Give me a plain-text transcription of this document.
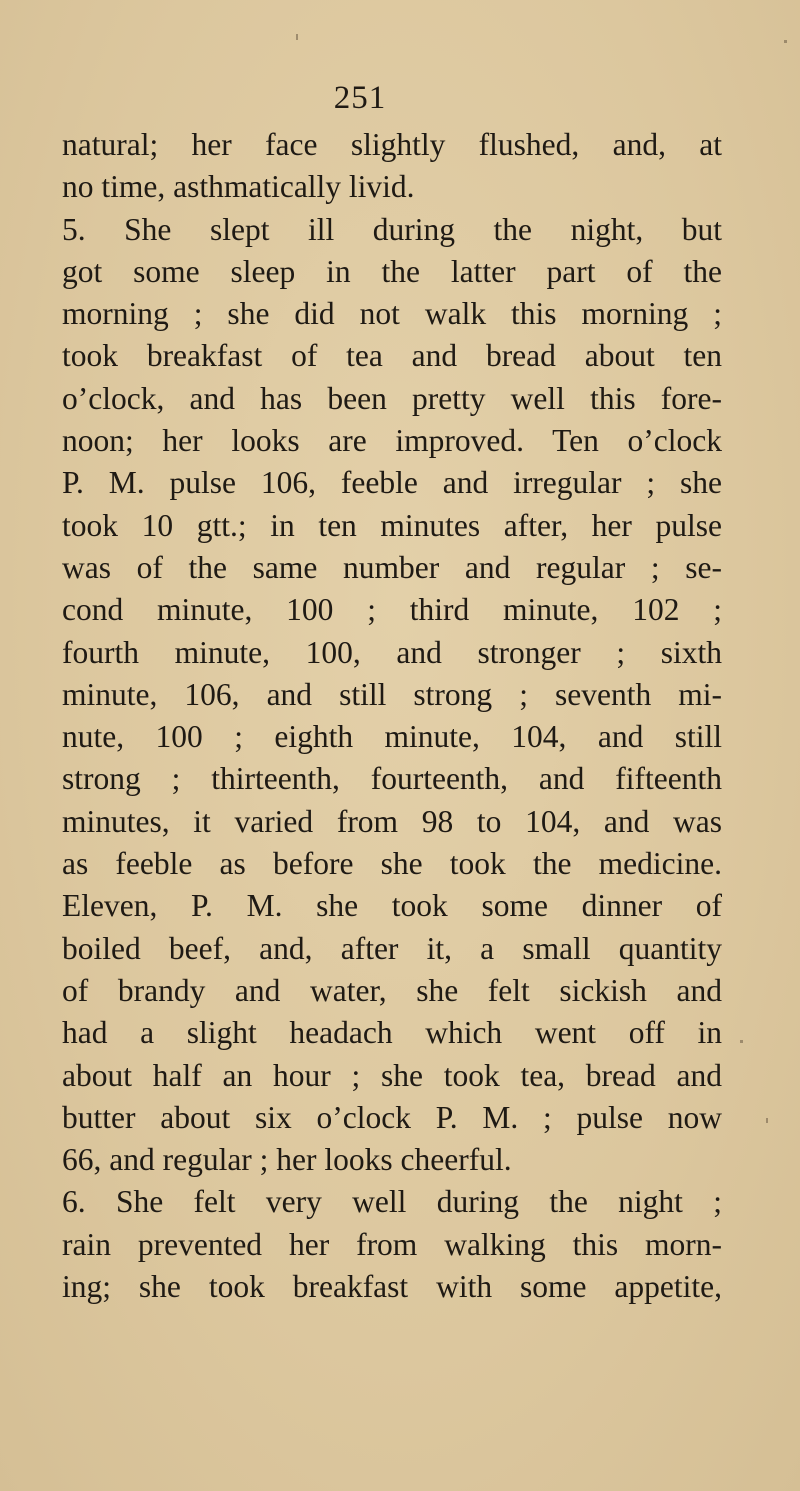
251
natural; her face slightly flushed, and, at
no time, asthmatically livid.
5. She slept ill during the night, but
got some sleep in the latter part of the
morning ; she did not walk this morning ;
took breakfast of tea and bread about ten
o’clock, and has been pretty well this fore-
noon; her looks are improved. Ten o’clock
P. M. pulse 106, feeble and irregular ; she
took 10 gtt.; in ten minutes after, her pulse
was of the same number and regular ; se-
cond minute, 100 ; third minute, 102 ;
fourth minute, 100, and stronger ; sixth
minute, 106, and still strong ; seventh mi-
nute, 100 ; eighth minute, 104, and still
strong ; thirteenth, fourteenth, and fifteenth
minutes, it varied from 98 to 104, and was
as feeble as before she took the medicine.
Eleven, P. M. she took some dinner of
boiled beef, and, after it, a small quantity
of brandy and water, she felt sickish and
had a slight headach which went off in
about half an hour ; she took tea, bread and
butter about six o’clock P. M. ; pulse now
66, and regular ; her looks cheerful.
6. She felt very well during the night ;
rain prevented her from walking this morn-
ing; she took breakfast with some appetite,
